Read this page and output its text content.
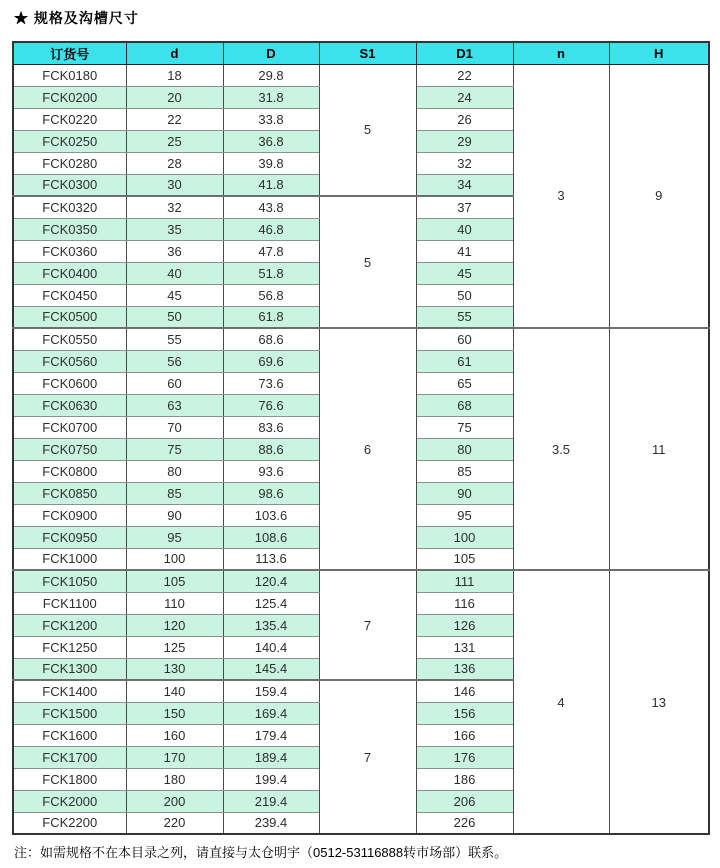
★ 规格及沟槽尺寸
订货号	d	D	S1	D1	n	H
FCK0180	18	29.8	5	22	3	9
FCK0200	20	31.8		24		
FCK0220	22	33.8		26		
FCK0250	25	36.8		29		
FCK0280	28	39.8		32		
FCK0300	30	41.8		34		
FCK0320	32	43.8	5	37		
FCK0350	35	46.8		40		
FCK0360	36	47.8		41		
FCK0400	40	51.8		45		
FCK0450	45	56.8		50		
FCK0500	50	61.8		55		
FCK0550	55	68.6	6	60	3.5	11
FCK0560	56	69.6		61		
FCK0600	60	73.6		65		
FCK0630	63	76.6		68		
FCK0700	70	83.6		75		
FCK0750	75	88.6		80		
FCK0800	80	93.6		85		
FCK0850	85	98.6		90		
FCK0900	90	103.6		95		
FCK0950	95	108.6		100		
FCK1000	100	113.6		105		
FCK1050	105	120.4	7	111	4	13
FCK1100	110	125.4		116		
FCK1200	120	135.4		126		
FCK1250	125	140.4		131		
FCK1300	130	145.4		136		
FCK1400	140	159.4	7	146		
FCK1500	150	169.4		156		
FCK1600	160	179.4		166		
FCK1700	170	189.4		176		
FCK1800	180	199.4		186		
FCK2000	200	219.4		206		
FCK2200	220	239.4		226		
注：如需规格不在本目录之列，请直接与太仓明宇（0512-53116888转市场部）联系。
